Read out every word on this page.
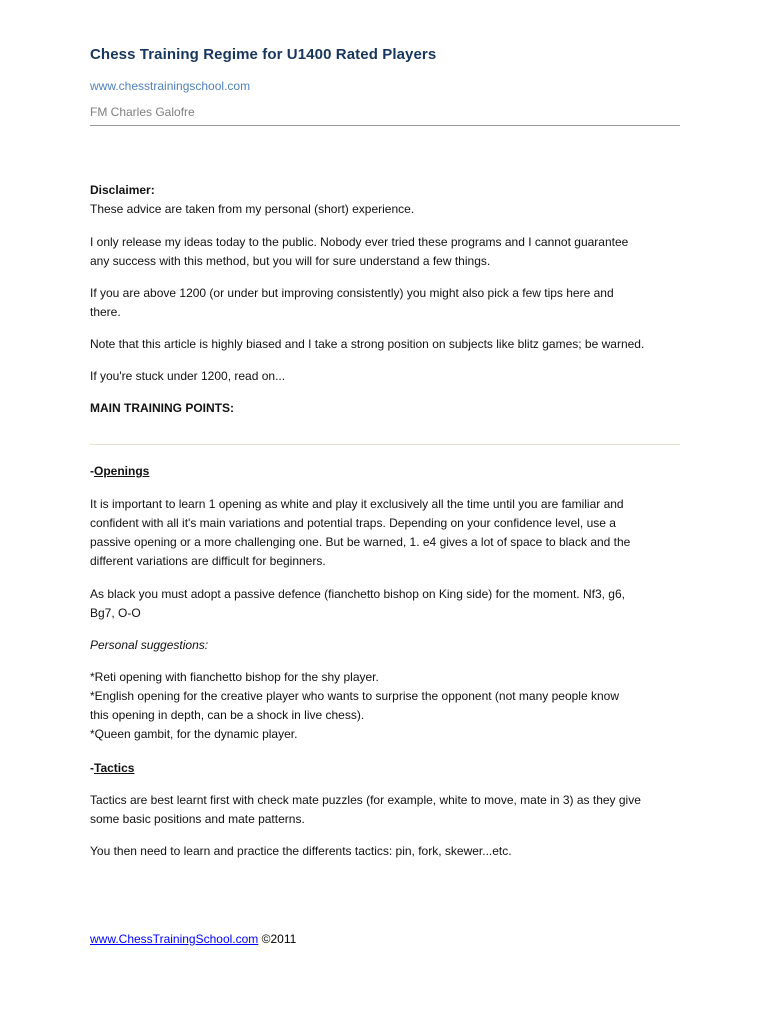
Chess Training Regime for U1400 Rated Players
www.chesstrainingschool.com
FM Charles Galofre
Disclaimer:
These advice are taken from my personal (short) experience.
I only release my ideas today to the public. Nobody ever tried these programs and I cannot guarantee
any success with this method, but you will for sure understand a few things.
If you are above 1200 (or under but improving consistently) you might also pick a few tips here and
there.
Note that this article is highly biased and I take a strong position on subjects like blitz games; be warned.
If you're stuck under 1200, read on...
MAIN TRAINING POINTS:
-Openings
It is important to learn 1 opening as white and play it exclusively all the time until you are familiar and
confident with all it's main variations and potential traps. Depending on your confidence level, use a
passive opening or a more challenging one. But be warned, 1. e4 gives a lot of space to black and the
different variations are difficult for beginners.
As black you must adopt a passive defence (fianchetto bishop on King side) for the moment. Nf3, g6,
Bg7, O-O
Personal suggestions:
*Reti opening with fianchetto bishop for the shy player.
*English opening for the creative player who wants to surprise the opponent (not many people know
this opening in depth, can be a shock in live chess).
*Queen gambit, for the dynamic player.
-Tactics
Tactics are best learnt first with check mate puzzles (for example, white to move, mate in 3) as they give
some basic positions and mate patterns.
You then need to learn and practice the differents tactics: pin, fork, skewer...etc.
www.ChessTrainingSchool.com ©2011
